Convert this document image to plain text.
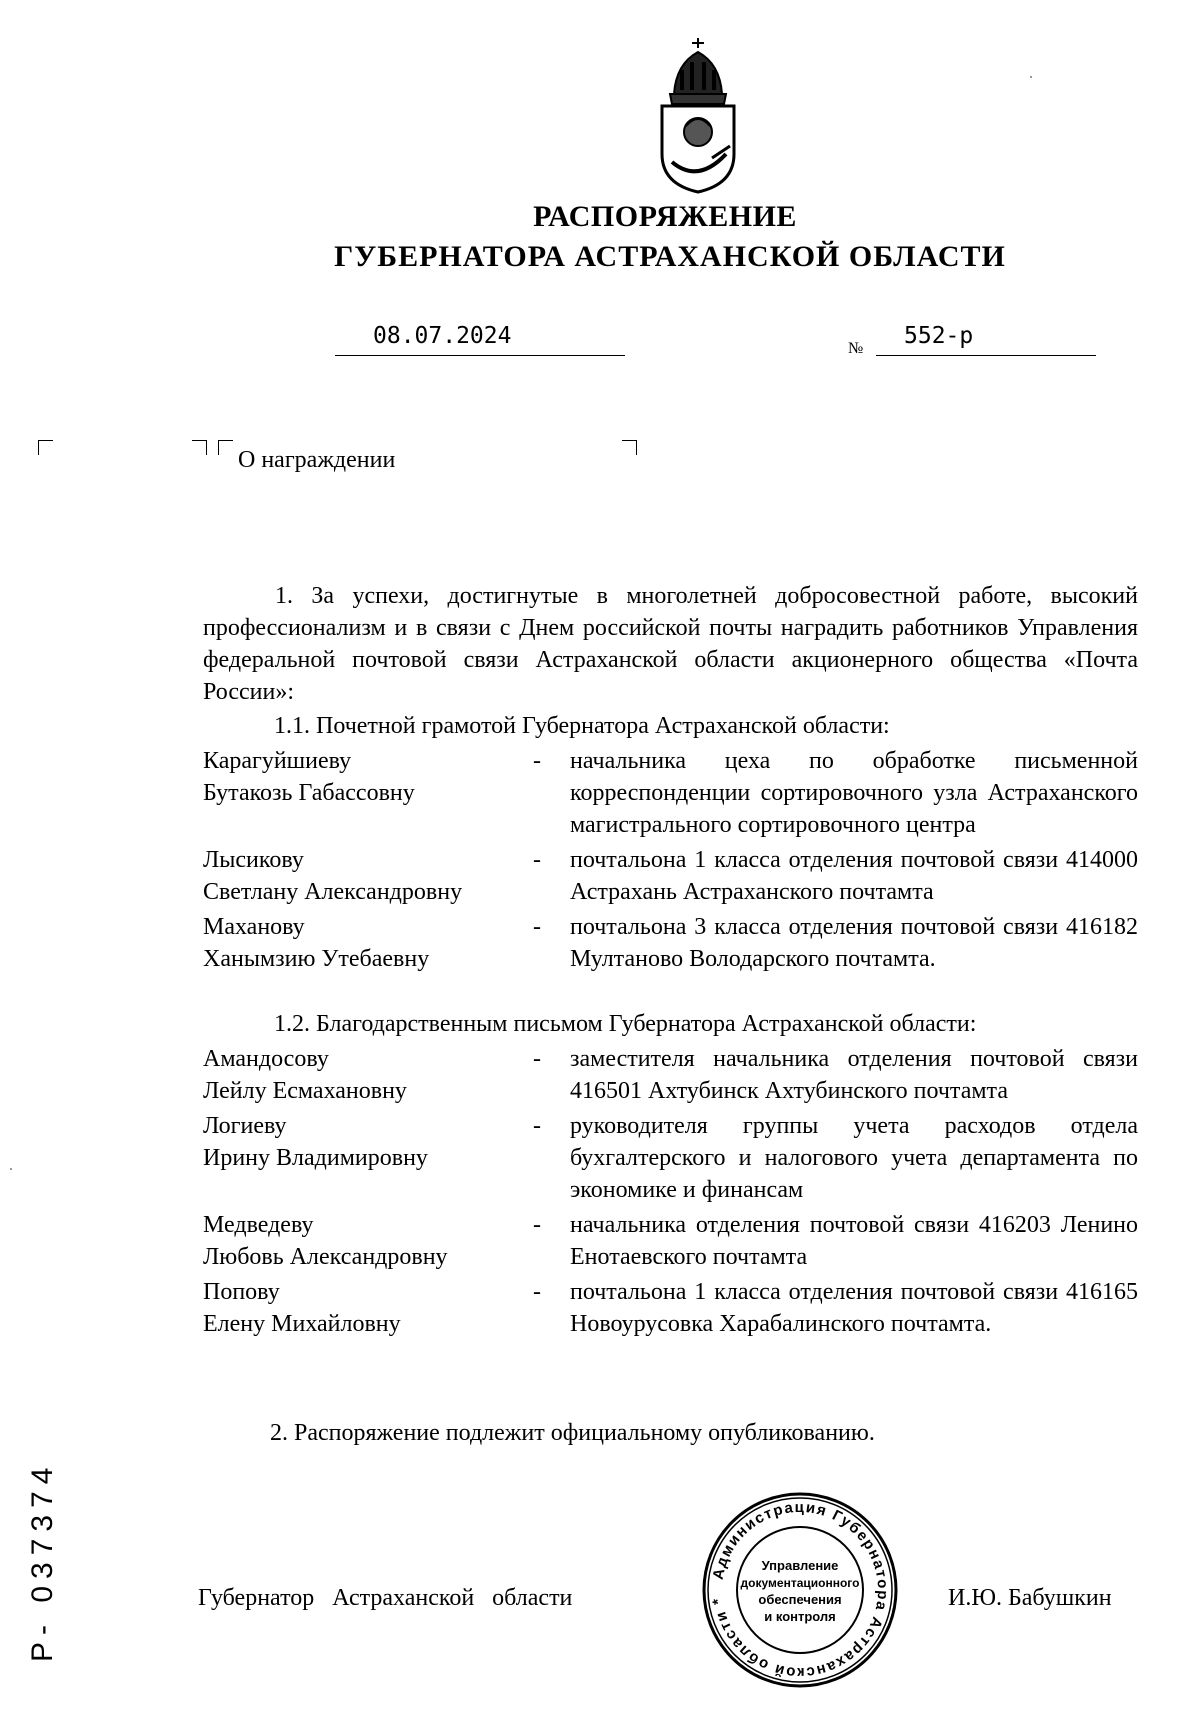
РАСПОРЯЖЕНИЕ
ГУБЕРНАТОРА АСТРАХАНСКОЙ ОБЛАСТИ
08.07.2024	№	552-р
О награждении
1. За успехи, достигнутые в многолетней добросовестной работе, высокий профессионализм и в связи с Днем российской почты наградить работников Управления федеральной почтовой связи Астраханской области акционерного общества «Почта России»:
1.1. Почетной грамотой Губернатора Астраханской области:
Карагуйшиеву
Бутакозь Габассовну
-	начальника цеха по обработке письменной корреспонденции сортировочного узла Астраханского магистрального сортировочного центра
Лысикову
Светлану Александровну
-	почтальона 1 класса отделения почтовой связи 414000 Астрахань Астраханского почтамта
Маханову
Ханымзию Утебаевну
-	почтальона 3 класса отделения почтовой связи 416182 Мултаново Володарского почтамта.
1.2. Благодарственным письмом Губернатора Астраханской области:
Амандосову
Лейлу Есмахановну
-	заместителя начальника отделения почтовой связи 416501 Ахтубинск Ахтубинского почтамта
Логиеву
Ирину Владимировну
-	руководителя группы учета расходов отдела бухгалтерского и налогового учета департамента по экономике и финансам
Медведеву
Любовь Александровну
-	начальника отделения почтовой связи 416203 Ленино Енотаевского почтамта
Попову
Елену Михайловну
-	почтальона 1 класса отделения почтовой связи 416165 Новоурусовка Харабалинского почтамта.
2. Распоряжение подлежит официальному опубликованию.
Губернатор Астраханской области
Администрация Губернатора Астраханской области *
Управление
документационного
обеспечения
и контроля
И.Ю. Бабушкин
Р- 037374
